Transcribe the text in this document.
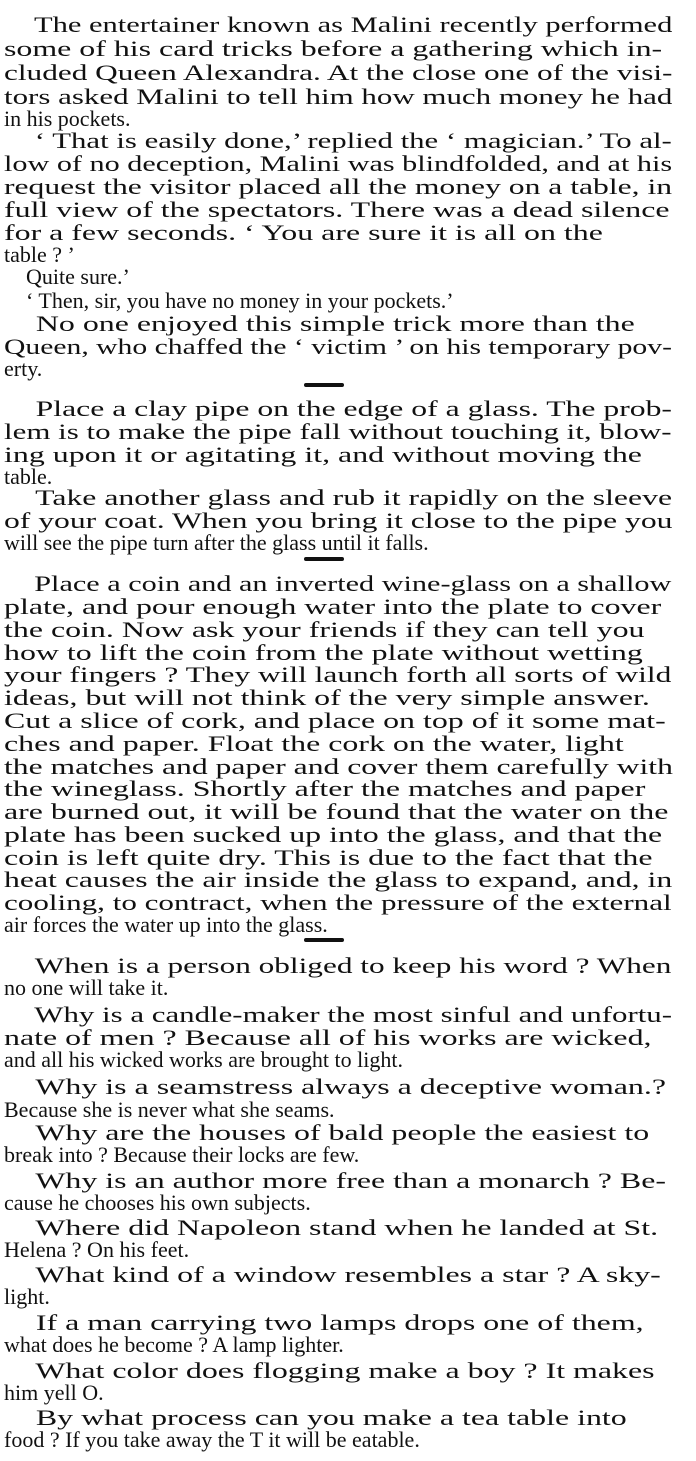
The entertainer known as Malini recently performed
some of his card tricks before a gathering which in-
cluded Queen Alexandra. At the close one of the visi-
tors asked Malini to tell him how much money he had
in his pockets.
‘ That is easily done,’ replied the ‘ magician.’ To al-
low of no deception, Malini was blindfolded, and at his
request the visitor placed all the money on a table, in
full view of the spectators. There was a dead silence
for a few seconds. ‘ You are sure it is all on the
table ? ’
Quite sure.’
‘ Then, sir, you have no money in your pockets.’
No one enjoyed this simple trick more than the
Queen, who chaffed the ‘ victim ’ on his temporary pov-
erty.
Place a clay pipe on the edge of a glass. The prob-
lem is to make the pipe fall without touching it, blow-
ing upon it or agitating it, and without moving the
table.
Take another glass and rub it rapidly on the sleeve
of your coat. When you bring it close to the pipe you
will see the pipe turn after the glass until it falls.
Place a coin and an inverted wine-glass on a shallow
plate, and pour enough water into the plate to cover
the coin. Now ask your friends if they can tell you
how to lift the coin from the plate without wetting
your fingers ? They will launch forth all sorts of wild
ideas, but will not think of the very simple answer.
Cut a slice of cork, and place on top of it some mat-
ches and paper. Float the cork on the water, light
the matches and paper and cover them carefully with
the wineglass. Shortly after the matches and paper
are burned out, it will be found that the water on the
plate has been sucked up into the glass, and that the
coin is left quite dry. This is due to the fact that the
heat causes the air inside the glass to expand, and, in
cooling, to contract, when the pressure of the external
air forces the water up into the glass.
When is a person obliged to keep his word ? When
no one will take it.
Why is a candle-maker the most sinful and unfortu-
nate of men ? Because all of his works are wicked,
and all his wicked works are brought to light.
Why is a seamstress always a deceptive woman.?
Because she is never what she seams.
Why are the houses of bald people the easiest to
break into ? Because their locks are few.
Why is an author more free than a monarch ? Be-
cause he chooses his own subjects.
Where did Napoleon stand when he landed at St.
Helena ? On his feet.
What kind of a window resembles a star ? A sky-
light.
If a man carrying two lamps drops one of them,
what does he become ? A lamp lighter.
What color does flogging make a boy ? It makes
him yell O.
By what process can you make a tea table into
food ? If you take away the T it will be eatable.
